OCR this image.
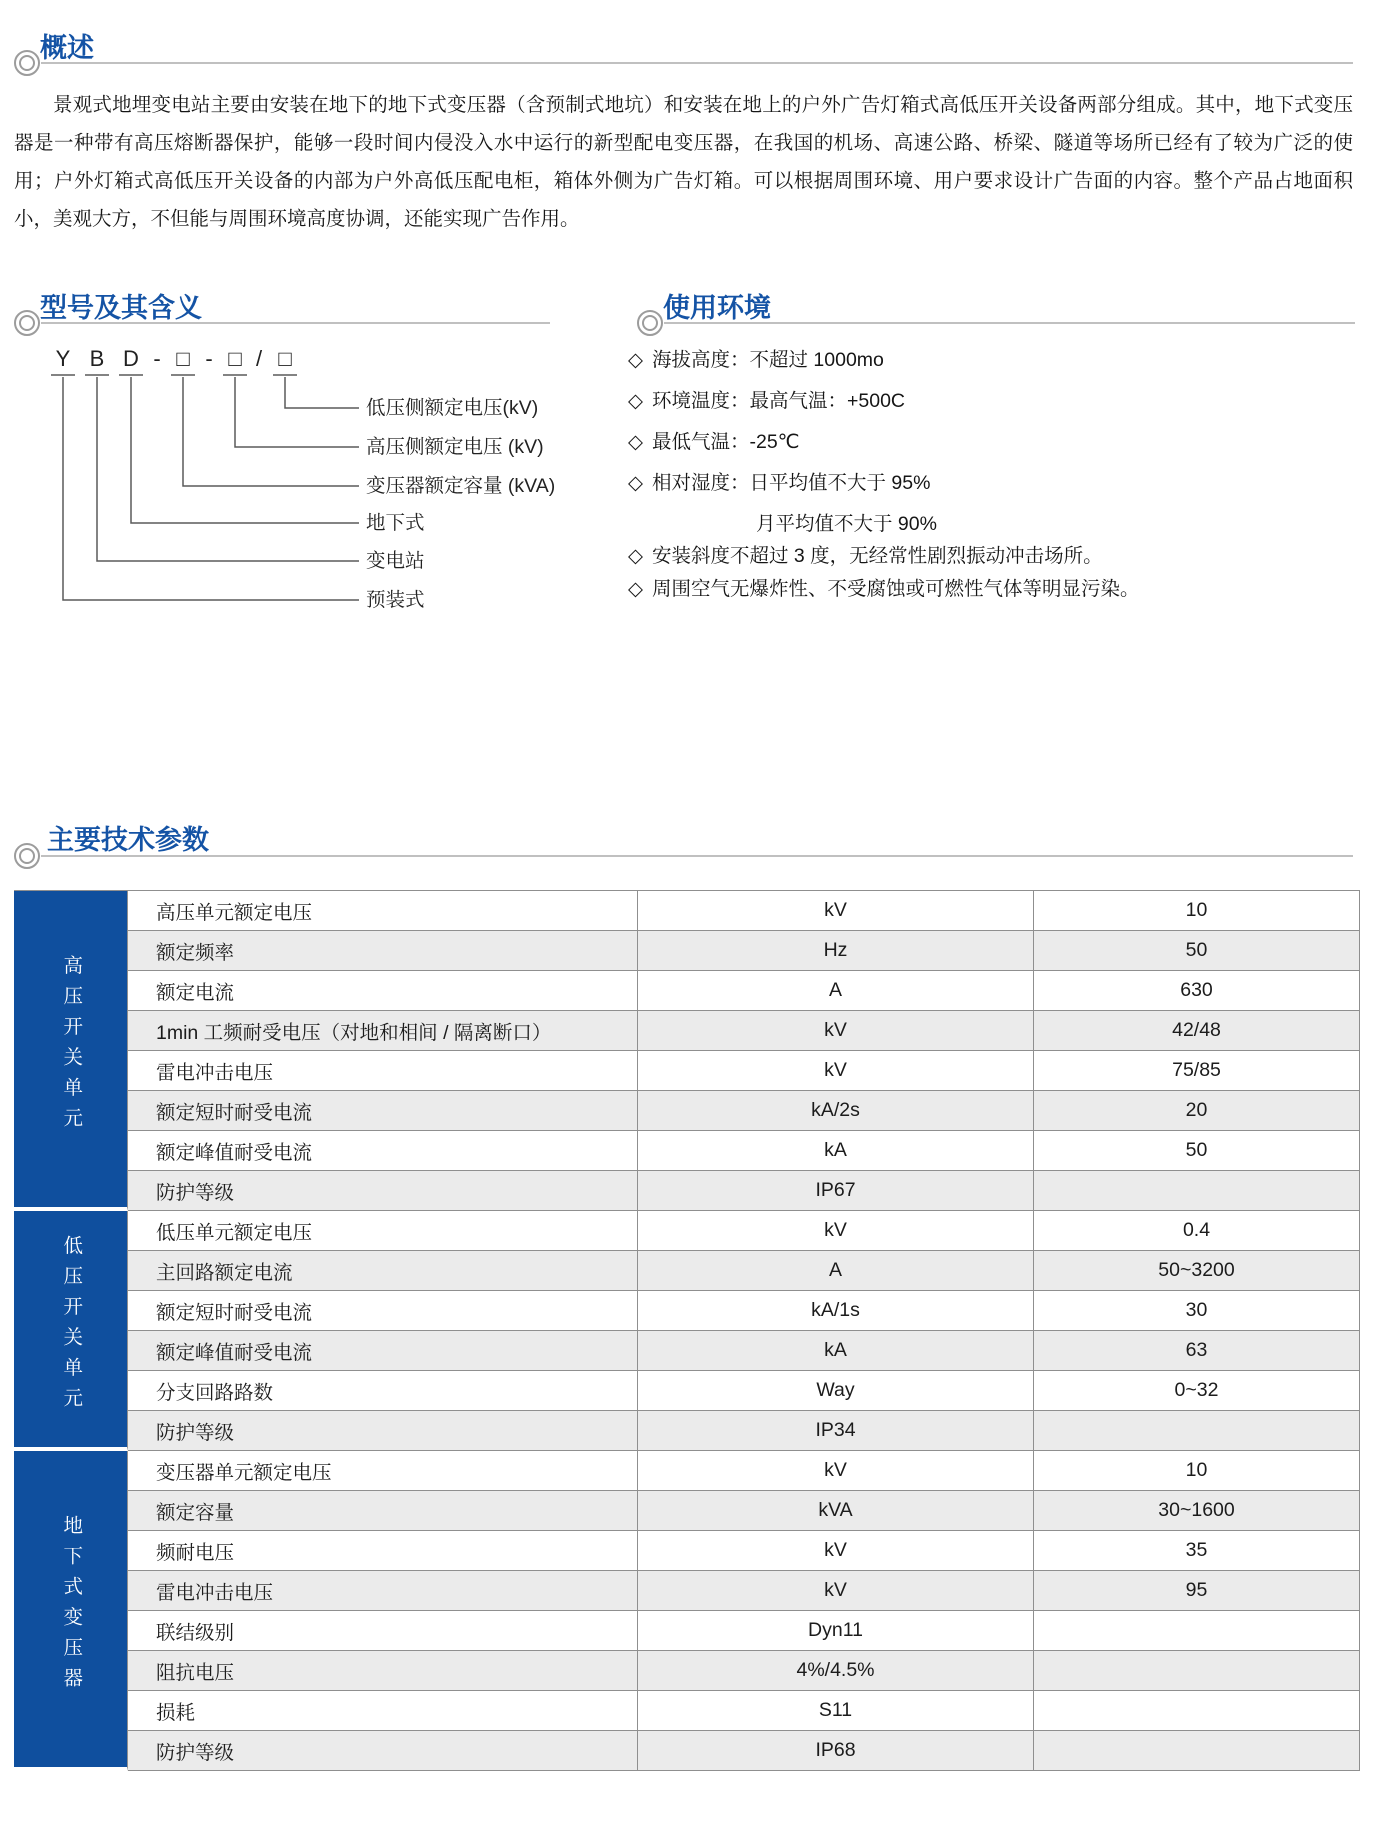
概述
景观式地埋变电站主要由安装在地下的地下式变压器（含预制式地坑）和安装在地上的户外广告灯箱式高低压开关设备两部分组成。其中，地下式变压器是一种带有高压熔断器保护，能够一段时间内侵没入水中运行的新型配电变压器，在我国的机场、高速公路、桥梁、隧道等场所已经有了较为广泛的使用；户外灯箱式高低压开关设备的内部为户外高低压配电柜，箱体外侧为广告灯箱。可以根据周围环境、用户要求设计广告面的内容。整个产品占地面积小，美观大方，不但能与周围环境高度协调，还能实现广告作用。
型号及其含义
Y B D - □ - □ / □
低压侧额定电压(kV)
高压侧额定电压 (kV)
变压器额定容量 (kVA)
地下式
变电站
预装式
使用环境
◇ 海拔高度：不超过 1000mo
◇ 环境温度：最高气温：+500C
◇ 最低气温：-25℃
◇ 相对湿度：日平均值不大于 95%
月平均值不大于 90%
◇ 安装斜度不超过 3 度，无经常性剧烈振动冲击场所。
◇ 周围空气无爆炸性、不受腐蚀或可燃性气体等明显污染。
主要技术参数
高压开关单元	高压单元额定电压	kV	10
	额定频率	Hz	50
	额定电流	A	630
	1min 工频耐受电压（对地和相间 / 隔离断口）	kV	42/48
	雷电冲击电压	kV	75/85
	额定短时耐受电流	kA/2s	20
	额定峰值耐受电流	kA	50
	防护等级	IP67	
低压开关单元	低压单元额定电压	kV	0.4
	主回路额定电流	A	50~3200
	额定短时耐受电流	kA/1s	30
	额定峰值耐受电流	kA	63
	分支回路路数	Way	0~32
	防护等级	IP34	
地下式变压器	变压器单元额定电压	kV	10
	额定容量	kVA	30~1600
	频耐电压	kV	35
	雷电冲击电压	kV	95
	联结级别	Dyn11	
	阻抗电压	4%/4.5%	
	损耗	S11	
	防护等级	IP68	
